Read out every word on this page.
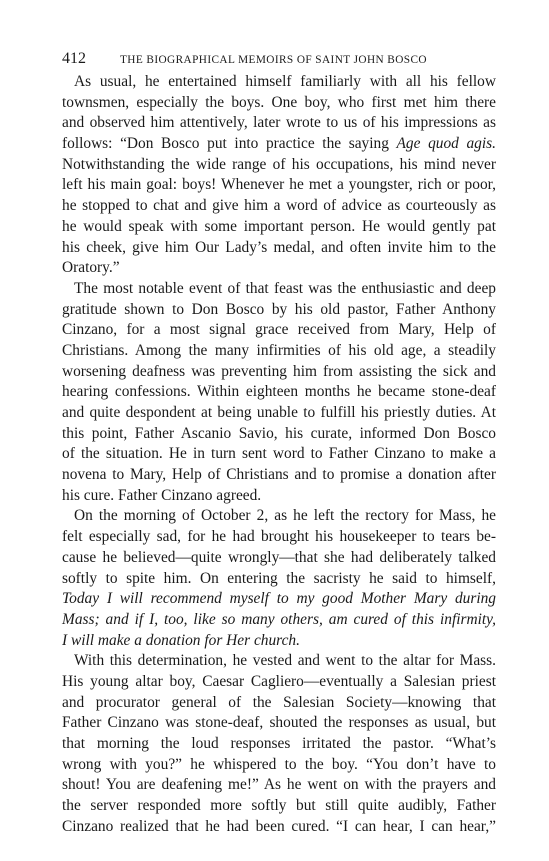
412	THE BIOGRAPHICAL MEMOIRS OF SAINT JOHN BOSCO
As usual, he entertained himself familiarly with all his fellow
townsmen, especially the boys. One boy, who first met him there
and observed him attentively, later wrote to us of his impressions as
follows: “Don Bosco put into practice the saying Age quod agis.
Notwithstanding the wide range of his occupations, his mind never
left his main goal: boys! Whenever he met a youngster, rich or poor,
he stopped to chat and give him a word of advice as courteously as
he would speak with some important person. He would gently pat
his cheek, give him Our Lady’s medal, and often invite him to the
Oratory.”
The most notable event of that feast was the enthusiastic and deep
gratitude shown to Don Bosco by his old pastor, Father Anthony
Cinzano, for a most signal grace received from Mary, Help of
Christians. Among the many infirmities of his old age, a steadily
worsening deafness was preventing him from assisting the sick and
hearing confessions. Within eighteen months he became stone-deaf
and quite despondent at being unable to fulfill his priestly duties. At
this point, Father Ascanio Savio, his curate, informed Don Bosco
of the situation. He in turn sent word to Father Cinzano to make a
novena to Mary, Help of Christians and to promise a donation after
his cure. Father Cinzano agreed.
On the morning of October 2, as he left the rectory for Mass, he
felt especially sad, for he had brought his housekeeper to tears be-
cause he believed—quite wrongly—that she had deliberately talked
softly to spite him. On entering the sacristy he said to himself,
Today I will recommend myself to my good Mother Mary during
Mass; and if I, too, like so many others, am cured of this infirmity,
I will make a donation for Her church.
With this determination, he vested and went to the altar for Mass.
His young altar boy, Caesar Cagliero—eventually a Salesian priest
and procurator general of the Salesian Society—knowing that
Father Cinzano was stone-deaf, shouted the responses as usual, but
that morning the loud responses irritated the pastor. “What’s
wrong with you?” he whispered to the boy. “You don’t have to
shout! You are deafening me!” As he went on with the prayers and
the server responded more softly but still quite audibly, Father
Cinzano realized that he had been cured. “I can hear, I can hear,”
